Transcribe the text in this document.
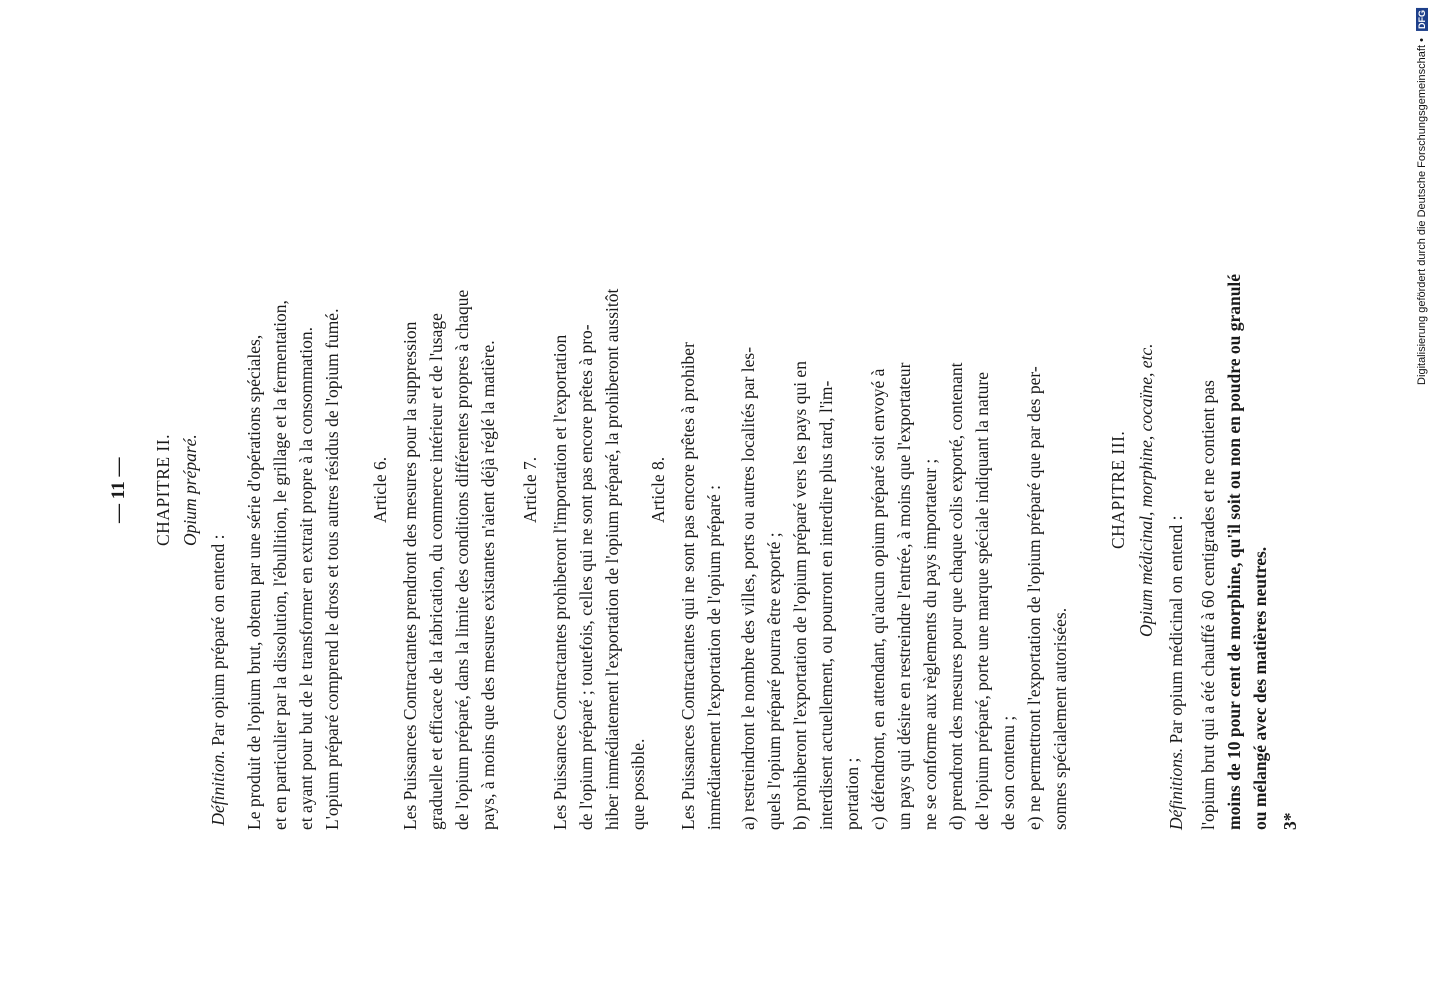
— 11 —	CHAPITRE II. Opium préparé.
Définition. Par opium préparé on entend : Le produit de l'opium brut, obtenu par une série d'opérations spéciales, et en particulier par la dissolution, l'ébullition, le grillage et la fermentation, et ayant pour but de le transformer en extrait propre à la consommation. L'opium préparé comprend le dross et tous autres résidus de l'opium fumé.	Article 6. Les Puissances Contractantes prendront des mesures pour la suppression graduelle et efficace de la fabrication, du commerce intérieur et de l'usage de l'opium préparé, dans la limite des conditions différentes propres à chaque pays, à moins que des mesures existantes n'aient déjà réglé la matière.	Article 7. Les Puissances Contractantes prohiberont l'importation et l'exportation de l'opium préparé ; toutefois, celles qui ne sont pas encore prêtes à pro- hiber immédiatement l'exportation de l'opium préparé, la prohiberont aussitôt que possible.
Article 8. Les Puissances Contractantes qui ne sont pas encore prêtes à prohiber immédiatement l'exportation de l'opium préparé : a) restreindront le nombre des villes, ports ou autres localités par les- quels l'opium préparé pourra être exporté ; b) prohiberont l'exportation de l'opium préparé vers les pays qui en interdisent actuellement, ou pourront en interdire plus tard, l'im- portation ; c) défendront, en attendant, qu'aucun opium préparé soit envoyé à un pays qui désire en restreindre l'entrée, à moins que l'exportateur ne se conforme aux règlements du pays importateur ; d) prendront des mesures pour que chaque colis exporté, contenant de l'opium préparé, porte une marque spéciale indiquant la nature de son contenu ; e) ne permettront l'exportation de l'opium préparé que par des per- sonnes spécialement autorisées.
CHAPITRE III. Opium médicinal, morphine, cocaïne, etc.
Définitions. Par opium médicinal on entend : l'opium brut qui a été chauffé à 60 centigrades et ne contient pas moins de 10 pour cent de morphine, qu'il soit ou non en poudre ou granulé ou mélangé avec des matières neutres. 3*
Digitalisierung gefördert durch die Deutsche Forschungsgemeinschaft • DFG
